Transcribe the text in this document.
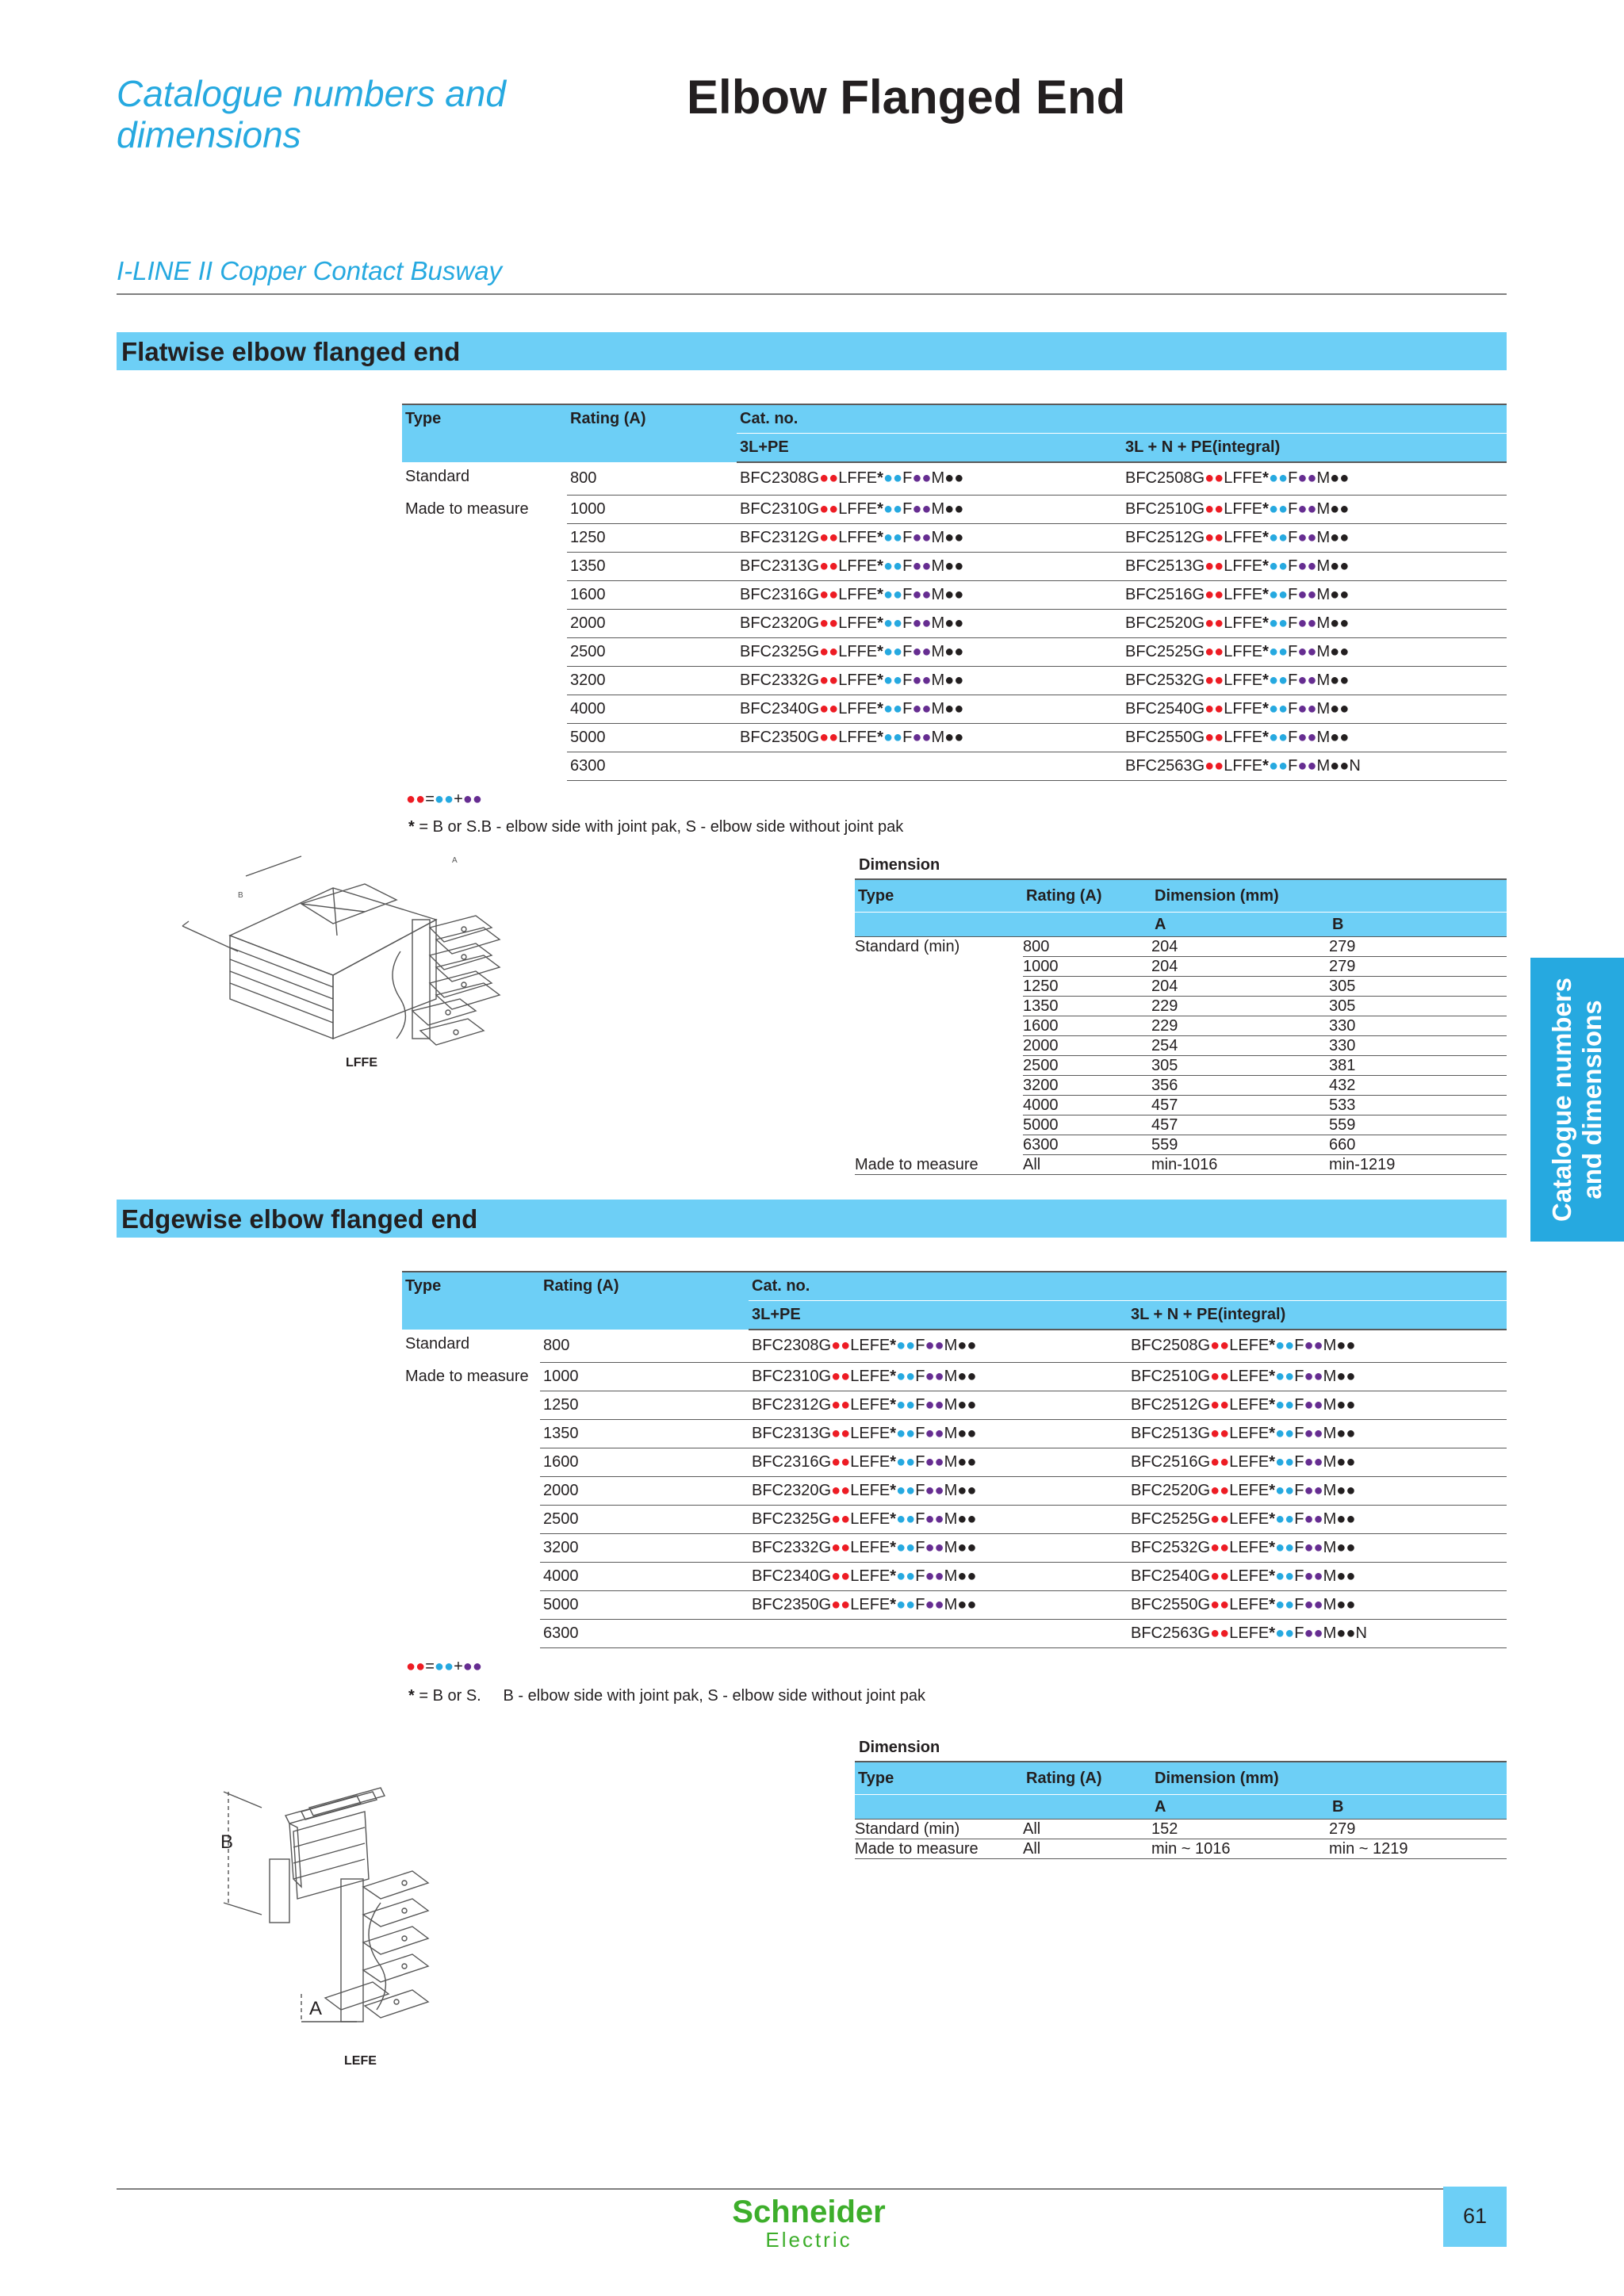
Catalogue numbers and dimensions
Elbow Flanged End
I-LINE II Copper Contact Busway
Catalogue numbers
and dimensions
Flatwise elbow flanged end
Type	Rating (A)	Cat. no.	
		3L+PE	3L + N + PE(integral)
Standard	800	BFC2308G●●LFFE*●●F●●M●●	BFC2508G●●LFFE*●●F●●M●●
Made to measure	1000	BFC2310G●●LFFE*●●F●●M●●	BFC2510G●●LFFE*●●F●●M●●
	1250	BFC2312G●●LFFE*●●F●●M●●	BFC2512G●●LFFE*●●F●●M●●
	1350	BFC2313G●●LFFE*●●F●●M●●	BFC2513G●●LFFE*●●F●●M●●
	1600	BFC2316G●●LFFE*●●F●●M●●	BFC2516G●●LFFE*●●F●●M●●
	2000	BFC2320G●●LFFE*●●F●●M●●	BFC2520G●●LFFE*●●F●●M●●
	2500	BFC2325G●●LFFE*●●F●●M●●	BFC2525G●●LFFE*●●F●●M●●
	3200	BFC2332G●●LFFE*●●F●●M●●	BFC2532G●●LFFE*●●F●●M●●
	4000	BFC2340G●●LFFE*●●F●●M●●	BFC2540G●●LFFE*●●F●●M●●
	5000	BFC2350G●●LFFE*●●F●●M●●	BFC2550G●●LFFE*●●F●●M●●
	6300		BFC2563G●●LFFE*●●F●●M●●N
●●=●●+●●
* = B or S.B - elbow side with joint pak, S - elbow side without joint pak
B
A
LFFE
Dimension
Type	Rating (A)	Dimension (mm)	
		A	B
Standard (min)	800	204	279
	1000	204	279
	1250	204	305
	1350	229	305
	1600	229	330
	2000	254	330
	2500	305	381
	3200	356	432
	4000	457	533
	5000	457	559
	6300	559	660
Made to measure	All	min-1016	min-1219
Edgewise elbow flanged end
Type	Rating (A)	Cat. no.	
		3L+PE	3L + N + PE(integral)
Standard	800	BFC2308G●●LEFE*●●F●●M●●	BFC2508G●●LEFE*●●F●●M●●
Made to measure	1000	BFC2310G●●LEFE*●●F●●M●●	BFC2510G●●LEFE*●●F●●M●●
	1250	BFC2312G●●LEFE*●●F●●M●●	BFC2512G●●LEFE*●●F●●M●●
	1350	BFC2313G●●LEFE*●●F●●M●●	BFC2513G●●LEFE*●●F●●M●●
	1600	BFC2316G●●LEFE*●●F●●M●●	BFC2516G●●LEFE*●●F●●M●●
	2000	BFC2320G●●LEFE*●●F●●M●●	BFC2520G●●LEFE*●●F●●M●●
	2500	BFC2325G●●LEFE*●●F●●M●●	BFC2525G●●LEFE*●●F●●M●●
	3200	BFC2332G●●LEFE*●●F●●M●●	BFC2532G●●LEFE*●●F●●M●●
	4000	BFC2340G●●LEFE*●●F●●M●●	BFC2540G●●LEFE*●●F●●M●●
	5000	BFC2350G●●LEFE*●●F●●M●●	BFC2550G●●LEFE*●●F●●M●●
	6300		BFC2563G●●LEFE*●●F●●M●●N
●●=●●+●●
* = B or S.     B - elbow side with joint pak, S - elbow side without joint pak
B
A
LEFE
Dimension
Type	Rating (A)	Dimension (mm)	
		A	B
Standard (min)	All	152	279
Made to measure	All	min ~ 1016	min ~ 1219
Schneider
Electric
61
